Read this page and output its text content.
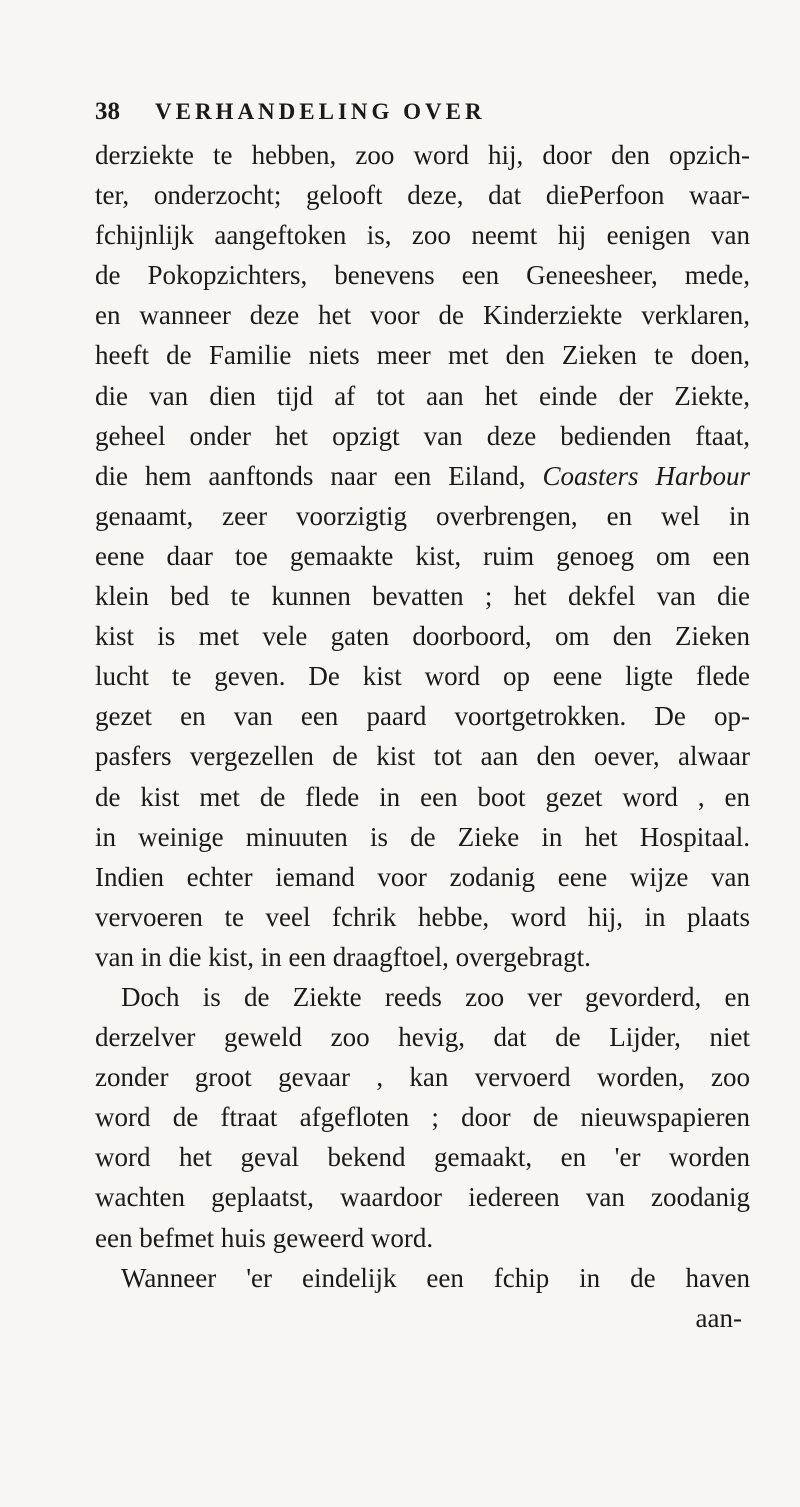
38 VERHANDELING OVER
derziekte te hebben, zoo word hij, door den opzich-
ter, onderzocht; gelooft deze, dat diePerfoon waar-
fchijnlijk aangeftoken is, zoo neemt hij eenigen van
de Pokopzichters, benevens een Geneesheer, mede,
en wanneer deze het voor de Kinderziekte verklaren,
heeft de Familie niets meer met den Zieken te doen,
die van dien tijd af tot aan het einde der Ziekte,
geheel onder het opzigt van deze bedienden ftaat,
die hem aanftonds naar een Eiland, Coasters Harbour
genaamt, zeer voorzigtig overbrengen, en wel in
eene daar toe gemaakte kist, ruim genoeg om een
klein bed te kunnen bevatten ; het dekfel van die
kist is met vele gaten doorboord, om den Zieken
lucht te geven. De kist word op eene ligte flede
gezet en van een paard voortgetrokken. De op-
pasfers vergezellen de kist tot aan den oever, alwaar
de kist met de flede in een boot gezet word , en
in weinige minuuten is de Zieke in het Hospitaal.
Indien echter iemand voor zodanig eene wijze van
vervoeren te veel fchrik hebbe, word hij, in plaats
van in die kist, in een draagftoel, overgebragt.
Doch is de Ziekte reeds zoo ver gevorderd, en
derzelver geweld zoo hevig, dat de Lijder, niet
zonder groot gevaar , kan vervoerd worden, zoo
word de ftraat afgefloten ; door de nieuwspapieren
word het geval bekend gemaakt, en 'er worden
wachten geplaatst, waardoor iedereen van zoodanig
een befmet huis geweerd word.
Wanneer 'er eindelijk een fchip in de haven
aan-
